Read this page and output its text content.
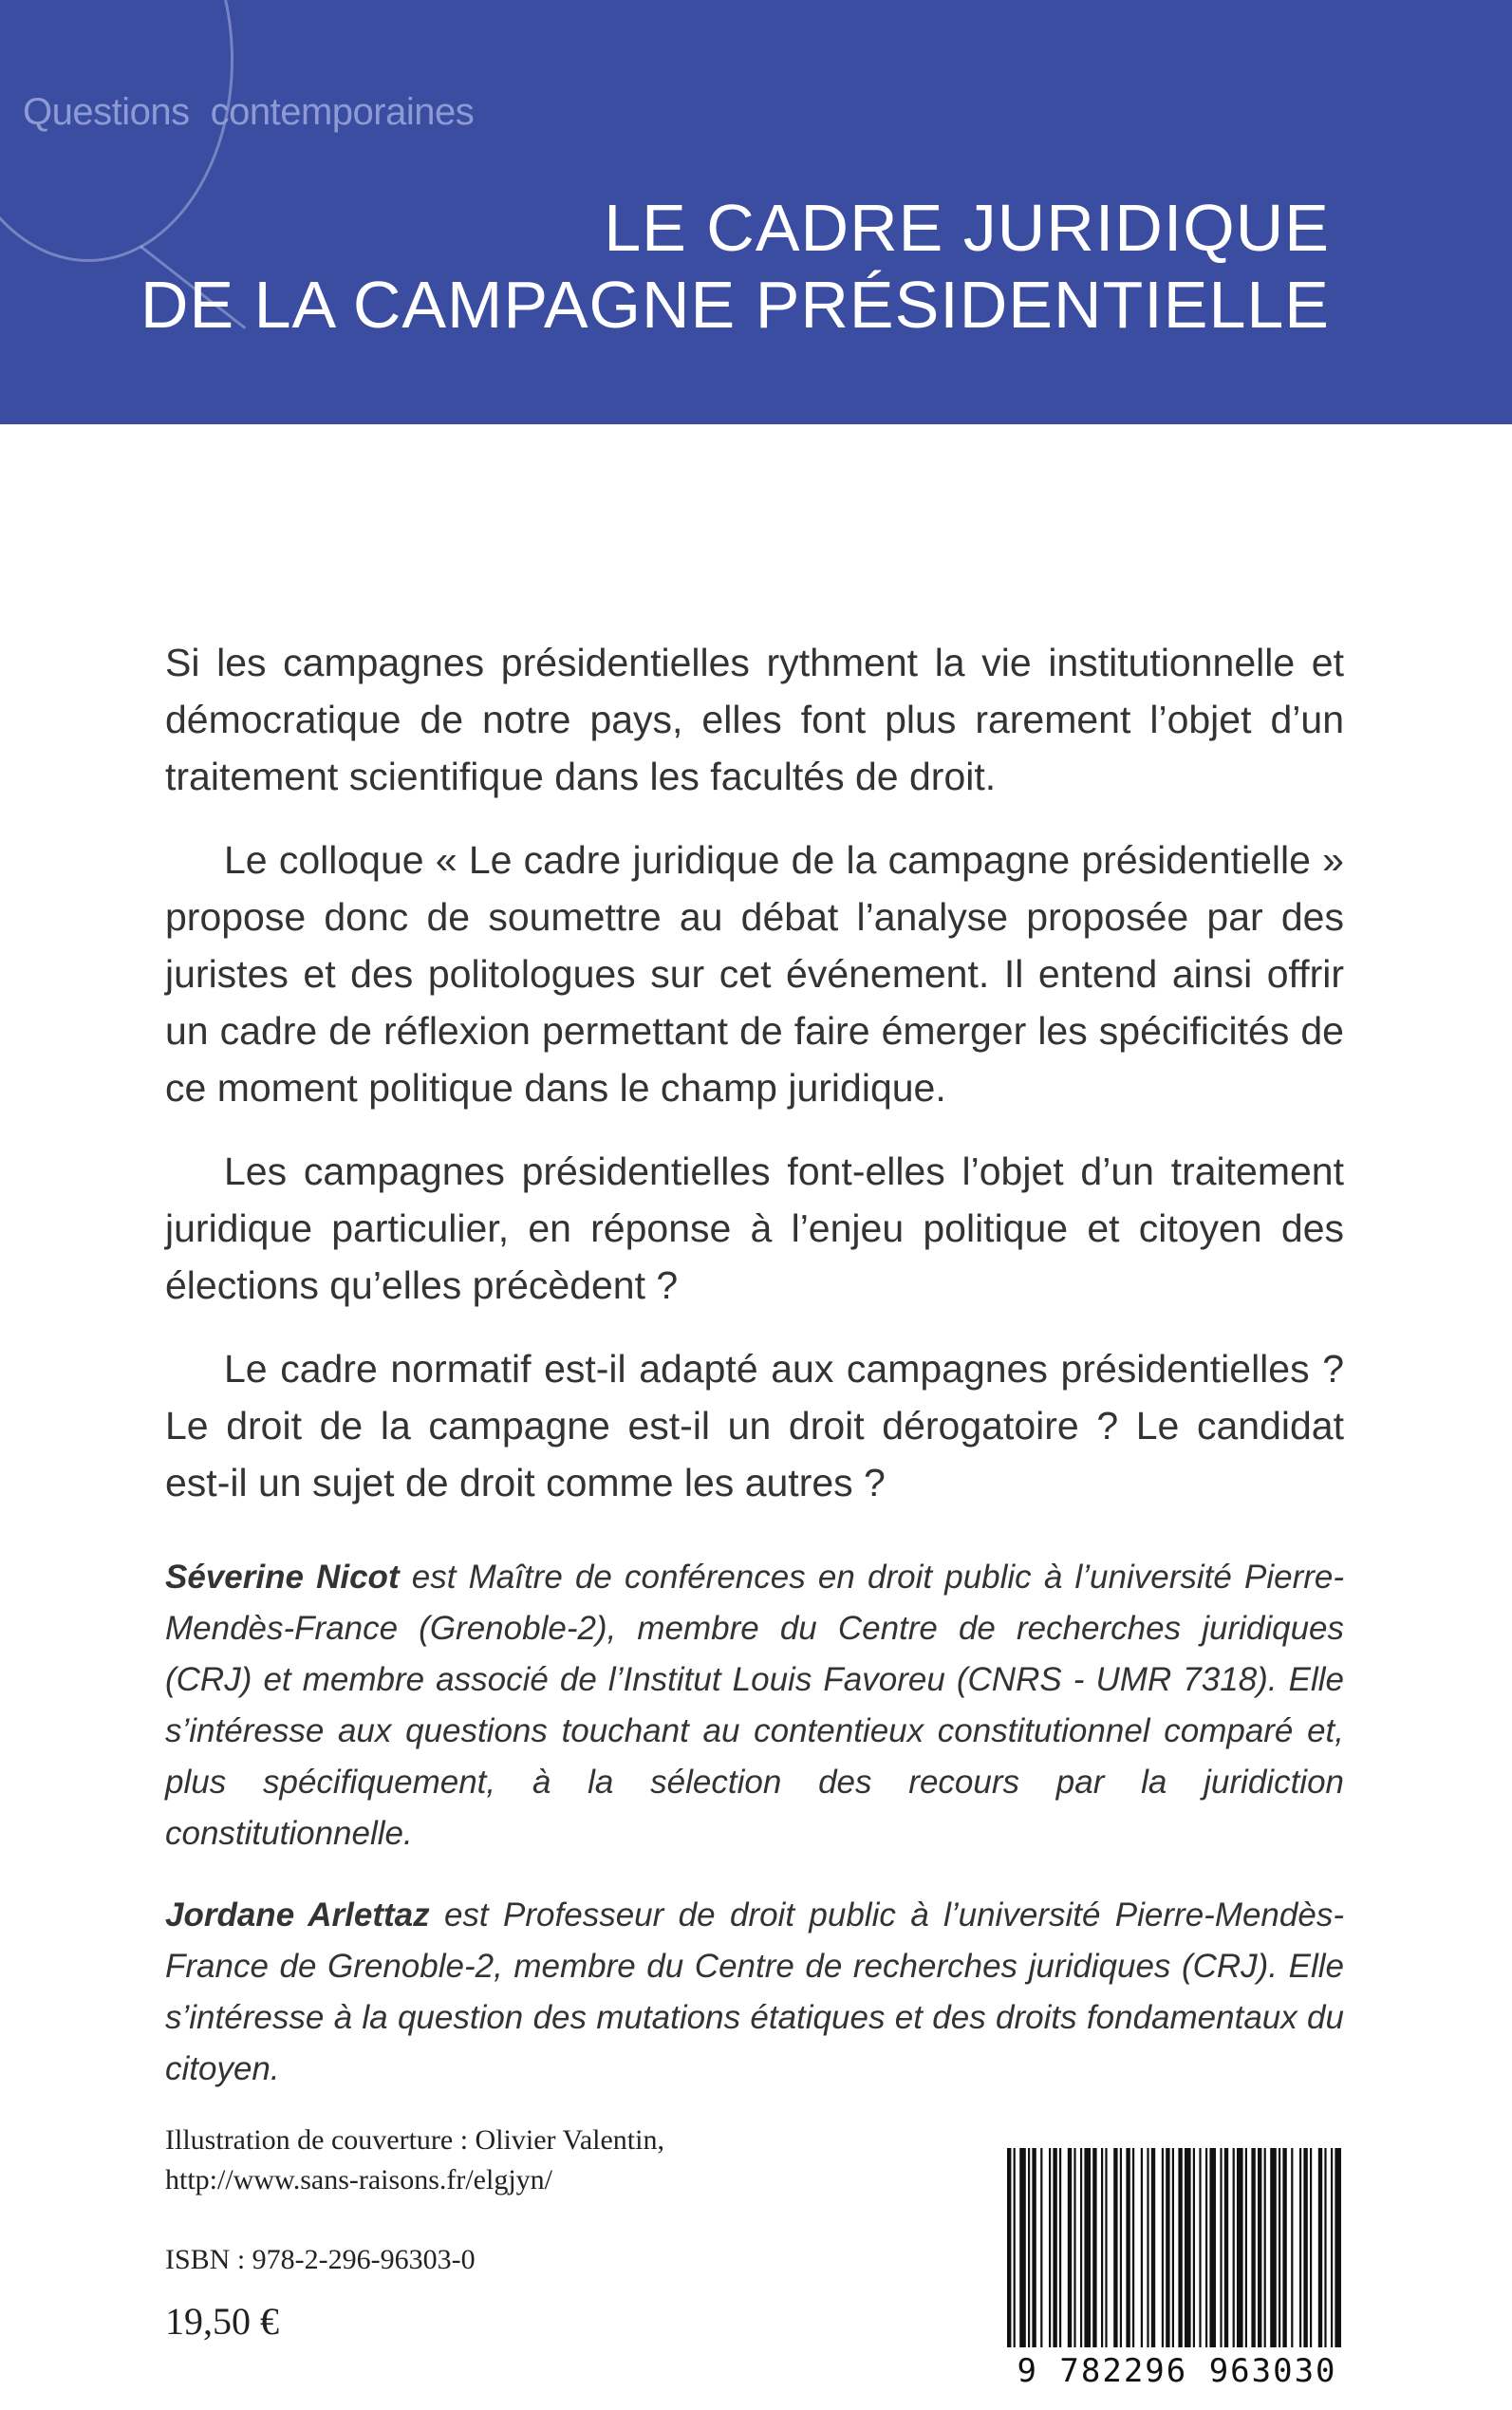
Questions contemporaines
LE CADRE JURIDIQUE
DE LA CAMPAGNE PRÉSIDENTIELLE

Si les campagnes présidentielles rythment la vie institutionnelle et démocratique de notre pays, elles font plus rarement l’objet d’un traitement scientifique dans les facultés de droit.

Le colloque « Le cadre juridique de la campagne présidentielle » propose donc de soumettre au débat l’analyse proposée par des juristes et des politologues sur cet événement. Il entend ainsi offrir un cadre de réflexion permettant de faire émerger les spécificités de ce moment politique dans le champ juridique.

Les campagnes présidentielles font-elles l’objet d’un traitement juridique particulier, en réponse à l’enjeu politique et citoyen des élections qu’elles précèdent ?

Le cadre normatif est-il adapté aux campagnes présidentielles ? Le droit de la campagne est-il un droit dérogatoire ? Le candidat est-il un sujet de droit comme les autres ?

Séverine Nicot est Maître de conférences en droit public à l’université Pierre-Mendès-France (Grenoble-2), membre du Centre de recherches juridiques (CRJ) et membre associé de l’Institut Louis Favoreu (CNRS - UMR 7318). Elle s’intéresse aux questions touchant au contentieux constitutionnel comparé et, plus spécifiquement, à la sélection des recours par la juridiction constitutionnelle.

Jordane Arlettaz est Professeur de droit public à l’université Pierre-Mendès-France de Grenoble-2, membre du Centre de recherches juridiques (CRJ). Elle s’intéresse à la question des mutations étatiques et des droits fondamentaux du citoyen.

Illustration de couverture : Olivier Valentin,
http://www.sans-raisons.fr/elgjyn/
ISBN : 978-2-296-96303-0
19,50 €
9 782296 963030
